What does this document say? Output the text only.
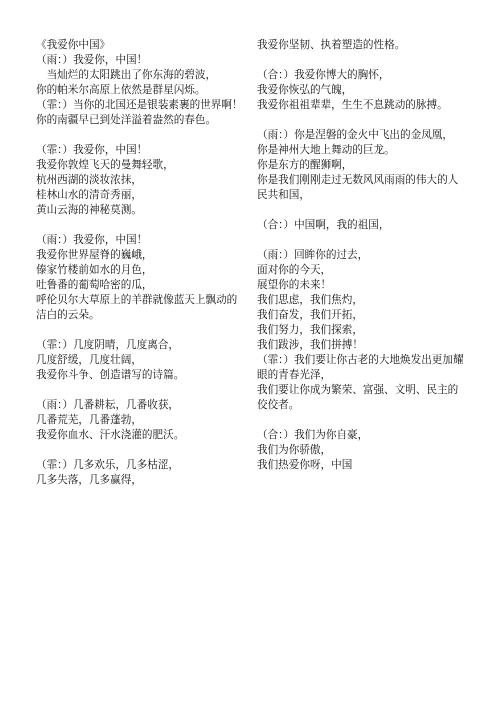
《我爱你中国》
（雨：）我爱你，中国！
　当灿烂的太阳跳出了你东海的碧波，
你的帕米尔高原上依然是群星闪烁。
（霏：）当你的北国还是银装素裹的世界啊！
你的南疆早已到处洋溢着盎然的春色。
（霏：）我爱你，中国！
我爱你敦煌飞天的曼舞轻歌，
杭州西湖的淡妆浓抹，
桂林山水的清奇秀丽，
黄山云海的神秘莫测。
（雨：）我爱你，中国！
我爱你世界屋脊的巍峨，
傣家竹楼前如水的月色，
吐鲁番的葡萄哈密的瓜，
呼伦贝尔大草原上的羊群就像蓝天上飘动的洁白的云朵。
（霏：）几度阴晴，几度离合，
几度舒缓，几度壮阔，
我爱你斗争、创造谱写的诗篇。
（雨：）几番耕耘，几番收获，
几番荒芜，几番蓬勃，
我爱你血水、汗水浇灌的肥沃。
（霏：）几多欢乐，几多枯涩，
几多失落，几多赢得，
我爱你坚韧、执着塑造的性格。
（合：）我爱你博大的胸怀，
我爱你恢弘的气魄，
我爱你祖祖辈辈，生生不息跳动的脉搏。
（雨：）你是涅磐的金火中飞出的金凤凰，
你是神州大地上舞动的巨龙。
你是东方的醒狮啊，
你是我们刚刚走过无数风风雨雨的伟大的人民共和国，
（合：）中国啊，我的祖国，
（雨：）回眸你的过去，
面对你的今天，
展望你的未来！
我们思虑，我们焦灼，
我们奋发，我们开拓，
我们努力，我们探索，
我们跋涉，我们拼搏！
（霏：）我们要让你古老的大地焕发出更加耀眼的青春光泽，
我们要让你成为繁荣、富强、文明、民主的佼佼者。
（合：）我们为你自豪，
我们为你骄傲，
我们热爱你呀，中国
